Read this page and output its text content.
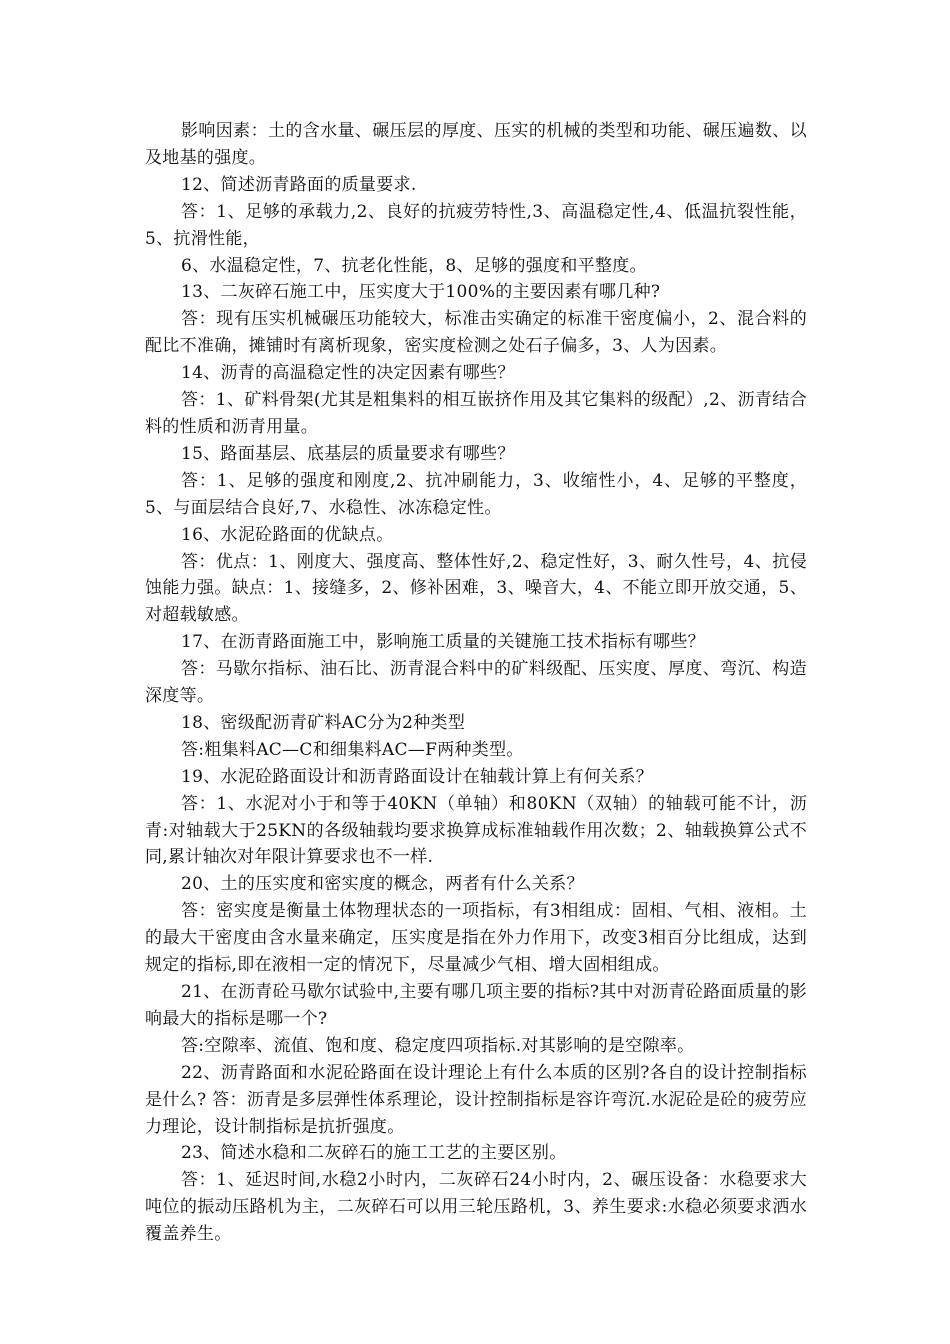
影响因素：土的含水量、碾压层的厚度、压实的机械的类型和功能、碾压遍数、以及地基的强度。

12、简述沥青路面的质量要求.

答：1、足够的承载力,2、良好的抗疲劳特性,3、高温稳定性,4、低温抗裂性能，5、抗滑性能，

6、水温稳定性，7、抗老化性能，8、足够的强度和平整度。

13、二灰碎石施工中，压实度大于100%的主要因素有哪几种?

答：现有压实机械碾压功能较大，标准击实确定的标准干密度偏小，2、混合料的配比不准确，摊铺时有离析现象，密实度检测之处石子偏多，3、人为因素。

14、沥青的高温稳定性的决定因素有哪些？

答：1、矿料骨架(尤其是粗集料的相互嵌挤作用及其它集料的级配）,2、沥青结合料的性质和沥青用量。

15、路面基层、底基层的质量要求有哪些？

答：1、足够的强度和刚度,2、抗冲刷能力，3、收缩性小，4、足够的平整度，5、与面层结合良好,7、水稳性、冰冻稳定性。

16、水泥砼路面的优缺点。

答：优点：1、刚度大、强度高、整体性好,2、稳定性好，3、耐久性号，4、抗侵蚀能力强。缺点：1、接缝多，2、修补困难，3、噪音大，4、不能立即开放交通，5、对超载敏感。

17、在沥青路面施工中，影响施工质量的关键施工技术指标有哪些？

答：马歇尔指标、油石比、沥青混合料中的矿料级配、压实度、厚度、弯沉、构造深度等。

18、密级配沥青矿料AC分为2种类型

答:粗集料AC—C和细集料AC—F两种类型。

19、水泥砼路面设计和沥青路面设计在轴载计算上有何关系？

答：1、水泥对小于和等于40KN（单轴）和80KN（双轴）的轴载可能不计，沥青:对轴载大于25KN的各级轴载均要求换算成标准轴载作用次数；2、轴载换算公式不同,累计轴次对年限计算要求也不一样.

20、土的压实度和密实度的概念，两者有什么关系？

答：密实度是衡量土体物理状态的一项指标，有3相组成：固相、气相、液相。土的最大干密度由含水量来确定，压实度是指在外力作用下，改变3相百分比组成，达到规定的指标,即在液相一定的情况下，尽量减少气相、增大固相组成。

21、在沥青砼马歇尔试验中,主要有哪几项主要的指标?其中对沥青砼路面质量的影响最大的指标是哪一个?

答:空隙率、流值、饱和度、稳定度四项指标.对其影响的是空隙率。

22、沥青路面和水泥砼路面在设计理论上有什么本质的区别?各自的设计控制指标是什么? 答：沥青是多层弹性体系理论，设计控制指标是容许弯沉.水泥砼是砼的疲劳应力理论，设计制指标是抗折强度。

23、简述水稳和二灰碎石的施工工艺的主要区别。

答：1、延迟时间,水稳2小时内，二灰碎石24小时内，2、碾压设备：水稳要求大吨位的振动压路机为主，二灰碎石可以用三轮压路机，3、养生要求:水稳必须要求洒水覆盖养生。
